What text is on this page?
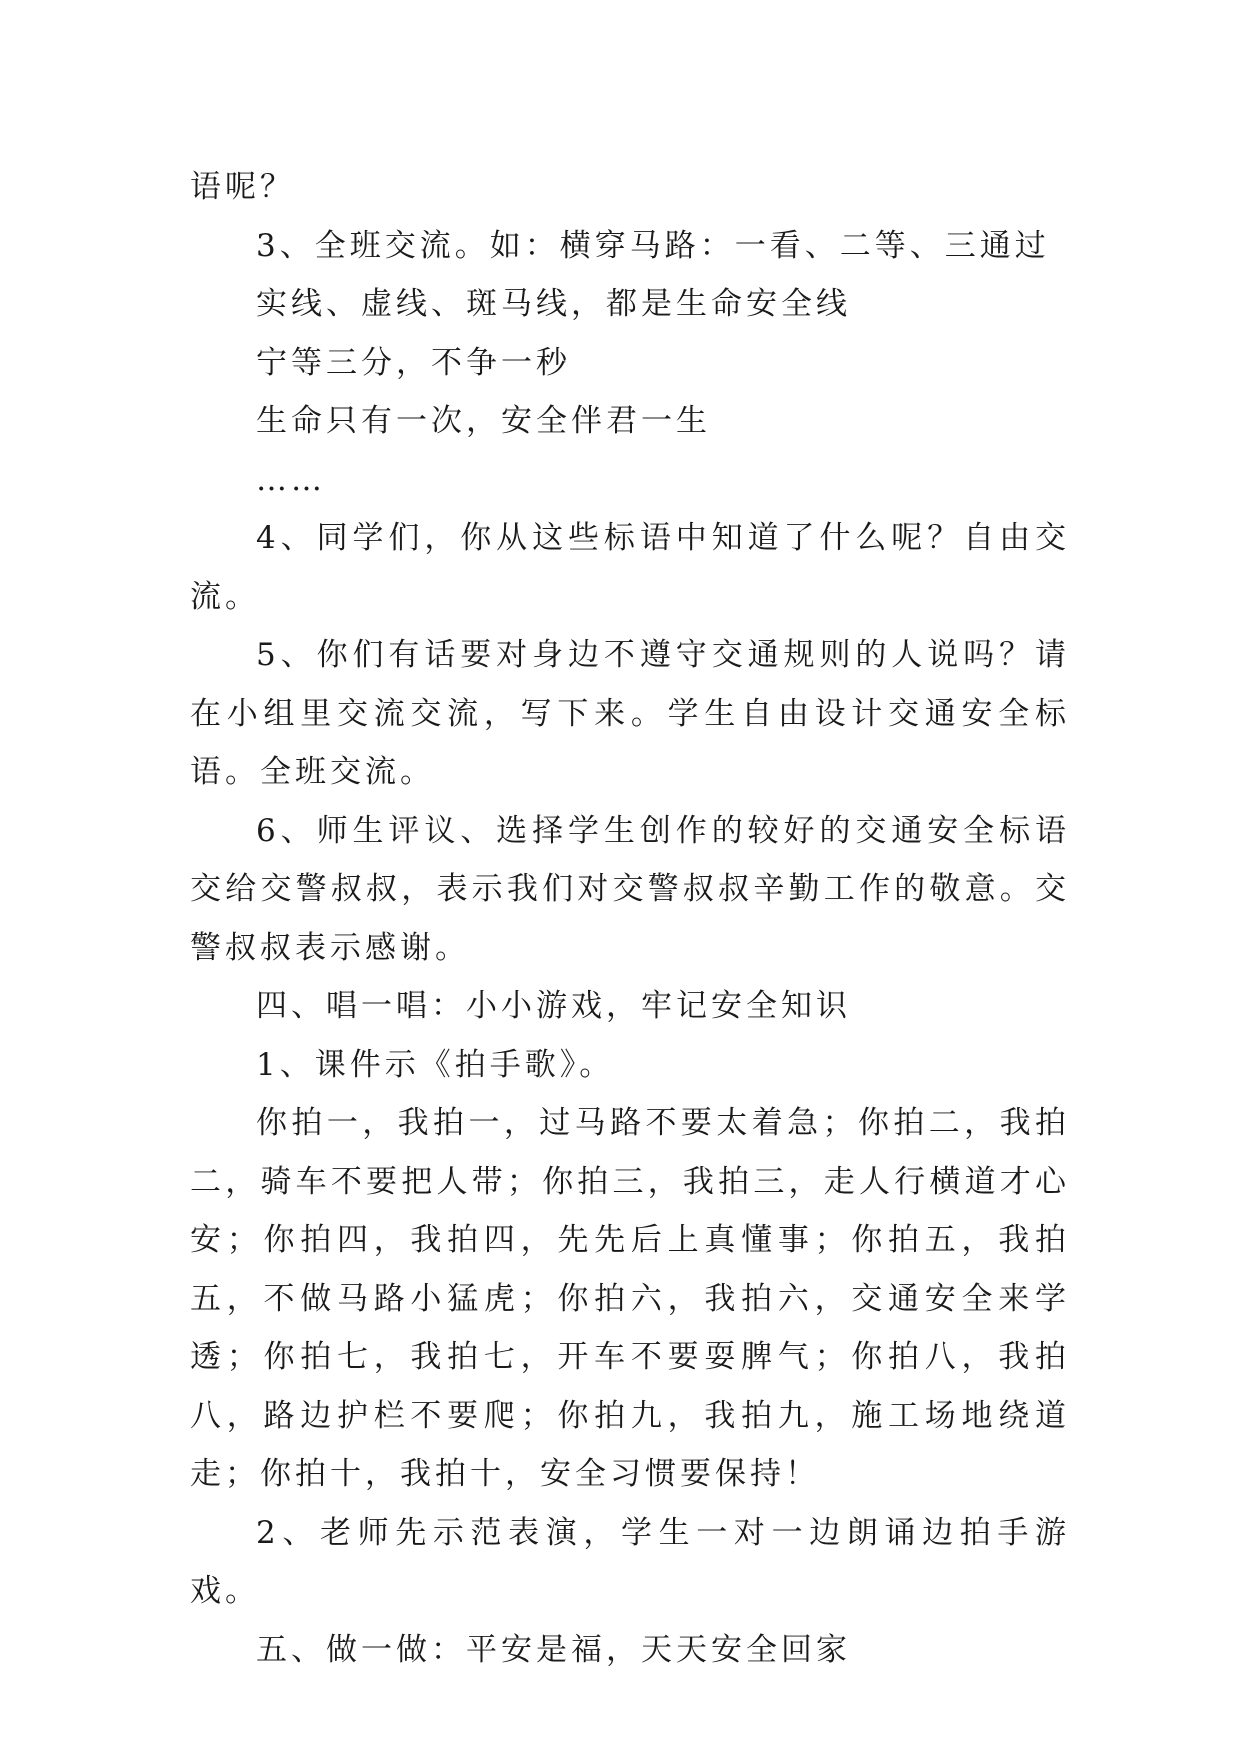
语呢？

3、全班交流。如：横穿马路：一看、二等、三通过

实线、虚线、斑马线，都是生命安全线

宁等三分，不争一秒

生命只有一次，安全伴君一生

……

4、同学们，你从这些标语中知道了什么呢？自由交流。

5、你们有话要对身边不遵守交通规则的人说吗？请在小组里交流交流，写下来。学生自由设计交通安全标语。全班交流。

6、师生评议、选择学生创作的较好的交通安全标语交给交警叔叔，表示我们对交警叔叔辛勤工作的敬意。交警叔叔表示感谢。

四、唱一唱：小小游戏，牢记安全知识

1、课件示《拍手歌》。

你拍一，我拍一，过马路不要太着急；你拍二，我拍二，骑车不要把人带；你拍三，我拍三，走人行横道才心安；你拍四，我拍四，先先后上真懂事；你拍五，我拍五，不做马路小猛虎；你拍六，我拍六，交通安全来学透；你拍七，我拍七，开车不要耍脾气；你拍八，我拍八，路边护栏不要爬；你拍九，我拍九，施工场地绕道走；你拍十，我拍十，安全习惯要保持！

2、老师先示范表演，学生一对一边朗诵边拍手游戏。

五、做一做：平安是福，天天安全回家
